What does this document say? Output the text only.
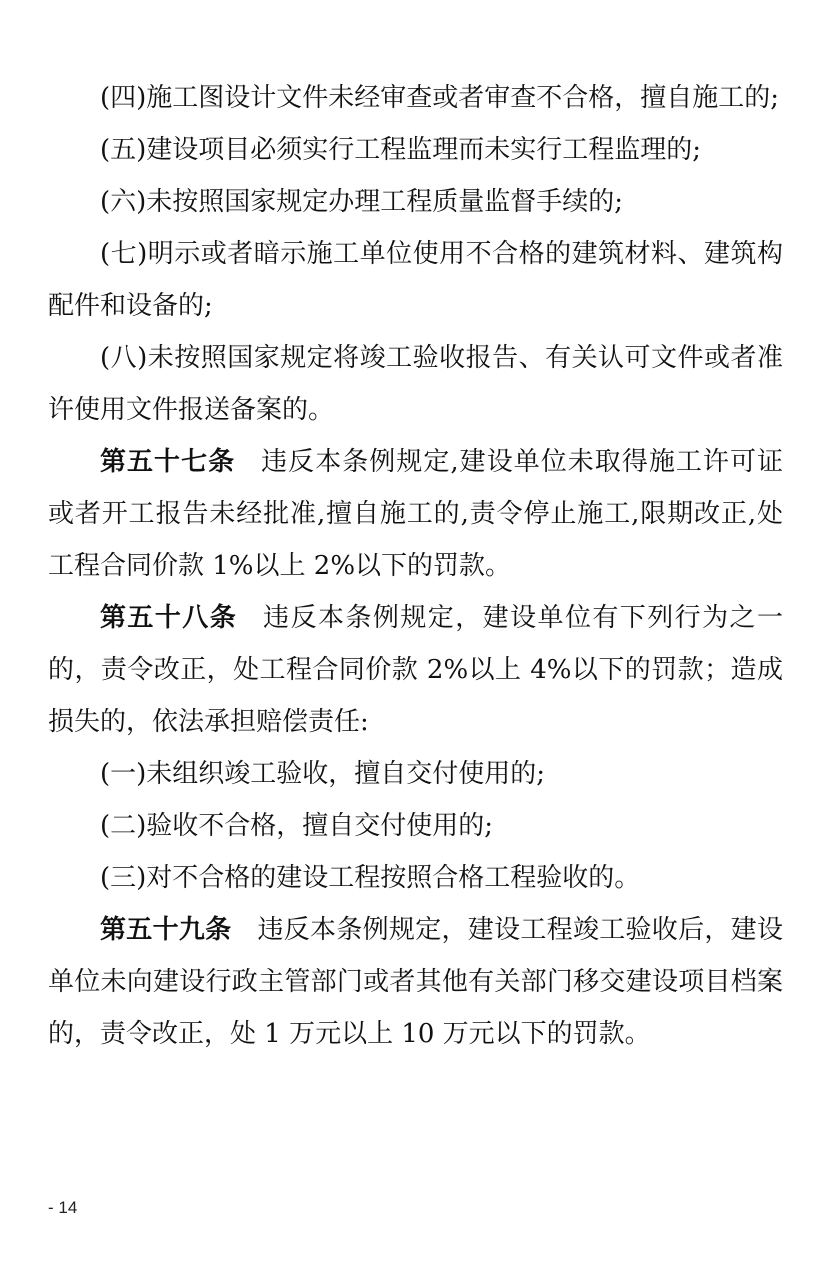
(四)施工图设计文件未经审查或者审查不合格，擅自施工的;

(五)建设项目必须实行工程监理而未实行工程监理的;

(六)未按照国家规定办理工程质量监督手续的;

(七)明示或者暗示施工单位使用不合格的建筑材料、建筑构配件和设备的;

(八)未按照国家规定将竣工验收报告、有关认可文件或者准许使用文件报送备案的。

第五十七条 违反本条例规定,建设单位未取得施工许可证或者开工报告未经批准,擅自施工的,责令停止施工,限期改正,处工程合同价款 1%以上 2%以下的罚款。

第五十八条 违反本条例规定，建设单位有下列行为之一的，责令改正，处工程合同价款 2%以上 4%以下的罚款；造成损失的，依法承担赔偿责任:

(一)未组织竣工验收，擅自交付使用的;

(二)验收不合格，擅自交付使用的;

(三)对不合格的建设工程按照合格工程验收的。

第五十九条 违反本条例规定，建设工程竣工验收后，建设单位未向建设行政主管部门或者其他有关部门移交建设项目档案的，责令改正，处 1 万元以上 10 万元以下的罚款。

- 14
